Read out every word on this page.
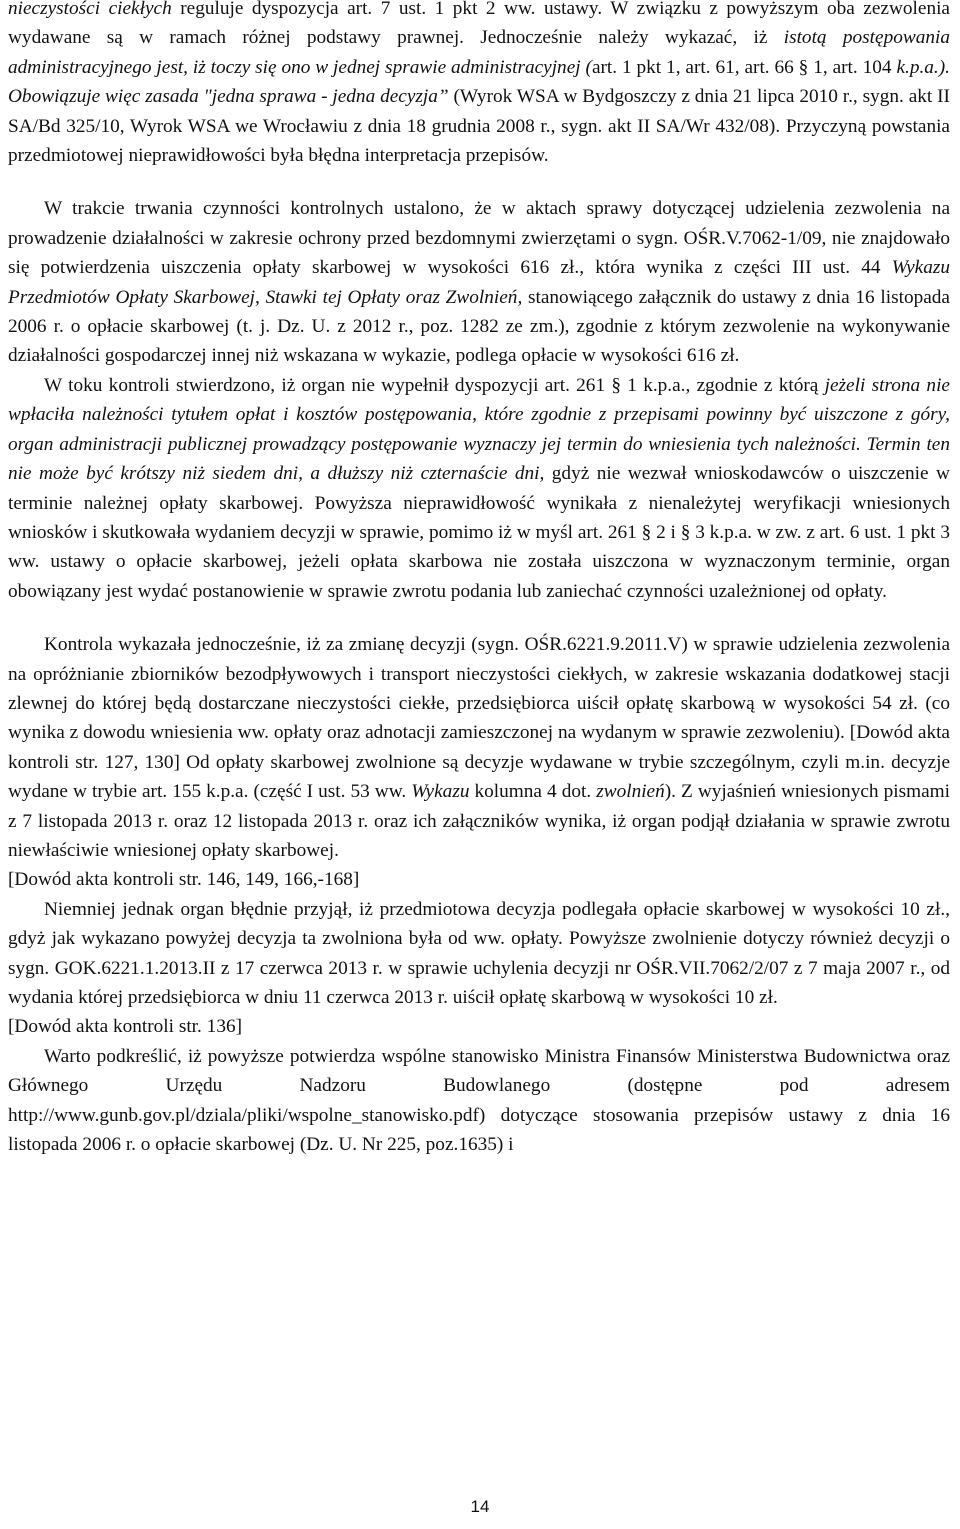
nieczystości ciekłych reguluje dyspozycja art. 7 ust. 1 pkt 2 ww. ustawy. W związku z powyższym oba zezwolenia wydawane są w ramach różnej podstawy prawnej. Jednocześnie należy wykazać, iż istotą postępowania administracyjnego jest, iż toczy się ono w jednej sprawie administracyjnej (art. 1 pkt 1, art. 61, art. 66 § 1, art. 104 k.p.a.). Obowiązuje więc zasada "jedna sprawa - jedna decyzja” (Wyrok WSA w Bydgoszczy z dnia 21 lipca 2010 r., sygn. akt II SA/Bd 325/10, Wyrok WSA we Wrocławiu z dnia 18 grudnia 2008 r., sygn. akt II SA/Wr 432/08). Przyczyną powstania przedmiotowej nieprawidłowości była błędna interpretacja przepisów.

W trakcie trwania czynności kontrolnych ustalono, że w aktach sprawy dotyczącej udzielenia zezwolenia na prowadzenie działalności w zakresie ochrony przed bezdomnymi zwierzętami o sygn. OŚR.V.7062-1/09, nie znajdowało się potwierdzenia uiszczenia opłaty skarbowej w wysokości 616 zł., która wynika z części III ust. 44 Wykazu Przedmiotów Opłaty Skarbowej, Stawki tej Opłaty oraz Zwolnień, stanowiącego załącznik do ustawy z dnia 16 listopada 2006 r. o opłacie skarbowej (t. j. Dz. U. z 2012 r., poz. 1282 ze zm.), zgodnie z którym zezwolenie na wykonywanie działalności gospodarczej innej niż wskazana w wykazie, podlega opłacie w wysokości 616 zł.

W toku kontroli stwierdzono, iż organ nie wypełnił dyspozycji art. 261 § 1 k.p.a., zgodnie z którą jeżeli strona nie wpłaciła należności tytułem opłat i kosztów postępowania, które zgodnie z przepisami powinny być uiszczone z góry, organ administracji publicznej prowadzący postępowanie wyznaczy jej termin do wniesienia tych należności. Termin ten nie może być krótszy niż siedem dni, a dłuższy niż czternaście dni, gdyż nie wezwał wnioskodawców o uiszczenie w terminie należnej opłaty skarbowej. Powyższa nieprawidłowość wynikała z nienależytej weryfikacji wniesionych wniosków i skutkowała wydaniem decyzji w sprawie, pomimo iż w myśl art. 261 § 2 i § 3 k.p.a. w zw. z art. 6 ust. 1 pkt 3 ww. ustawy o opłacie skarbowej, jeżeli opłata skarbowa nie została uiszczona w wyznaczonym terminie, organ obowiązany jest wydać postanowienie w sprawie zwrotu podania lub zaniechać czynności uzależnionej od opłaty.

Kontrola wykazała jednocześnie, iż za zmianę decyzji (sygn. OŚR.6221.9.2011.V) w sprawie udzielenia zezwolenia na opróżnianie zbiorników bezodpływowych i transport nieczystości ciekłych, w zakresie wskazania dodatkowej stacji zlewnej do której będą dostarczane nieczystości ciekłe, przedsiębiorca uiścił opłatę skarbową w wysokości 54 zł. (co wynika z dowodu wniesienia ww. opłaty oraz adnotacji zamieszczonej na wydanym w sprawie zezwoleniu). [Dowód akta kontroli str. 127, 130] Od opłaty skarbowej zwolnione są decyzje wydawane w trybie szczególnym, czyli m.in. decyzje wydane w trybie art. 155 k.p.a. (część I ust. 53 ww. Wykazu kolumna 4 dot. zwolnień). Z wyjaśnień wniesionych pismami z 7 listopada 2013 r. oraz 12 listopada 2013 r. oraz ich załączników wynika, iż organ podjął działania w sprawie zwrotu niewłaściwie wniesionej opłaty skarbowej.

[Dowód akta kontroli str. 146, 149, 166,-168]

Niemniej jednak organ błędnie przyjął, iż przedmiotowa decyzja podlegała opłacie skarbowej w wysokości 10 zł., gdyż jak wykazano powyżej decyzja ta zwolniona była od ww. opłaty. Powyższe zwolnienie dotyczy również decyzji o sygn. GOK.6221.1.2013.II z 17 czerwca 2013 r. w sprawie uchylenia decyzji nr OŚR.VII.7062/2/07 z 7 maja 2007 r., od wydania której przedsiębiorca w dniu 11 czerwca 2013 r. uiścił opłatę skarbową w wysokości 10 zł.

[Dowód akta kontroli str. 136]

Warto podkreślić, iż powyższe potwierdza wspólne stanowisko Ministra Finansów Ministerstwa Budownictwa oraz Głównego Urzędu Nadzoru Budowlanego (dostępne pod adresem http://www.gunb.gov.pl/dziala/pliki/wspolne_stanowisko.pdf) dotyczące stosowania przepisów ustawy z dnia 16 listopada 2006 r. o opłacie skarbowej (Dz. U. Nr 225, poz.1635) i

14
